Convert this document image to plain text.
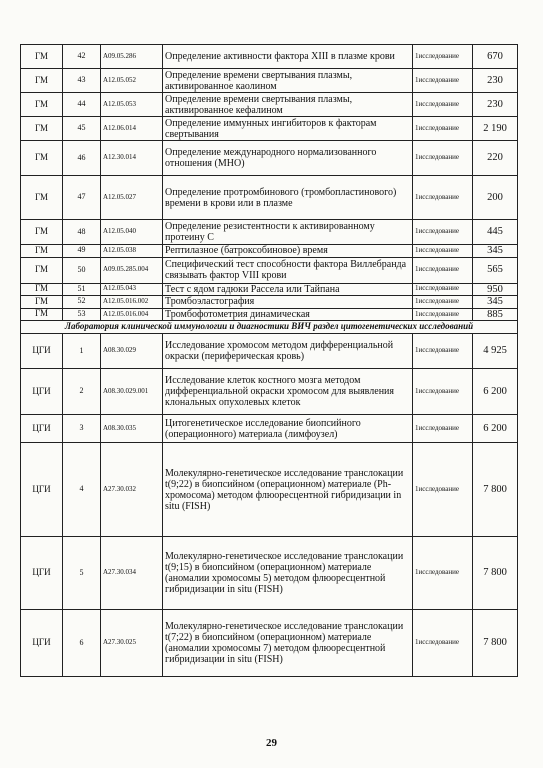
ГМ	42	A09.05.286	Определение активности фактора XIII в плазме крови	1исследование	670
ГМ	43	A12.05.052	Определение времени свертывания плазмы, активированное каолином	1исследование	230
ГМ	44	A12.05.053	Определение времени свертывания плазмы, активированное кефалином	1исследование	230
ГМ	45	A12.06.014	Определение иммунных ингибиторов к факторам свертывания	1исследование	2 190
ГМ	46	A12.30.014	Определение международного нормализованного отношения (МНО)	1исследование	220
ГМ	47	A12.05.027	Определение протромбинового (тромбопластинового) времени в крови или в плазме	1исследование	200
ГМ	48	A12.05.040	Определение резистентности к активированному протеину С	1исследование	445
ГМ	49	A12.05.038	Рептилазное (батроксобиновое) время	1исследование	345
ГМ	50	A09.05.285.004	Специфический тест способности фактора Виллебранда связывать фактор VIII крови	1исследование	565
ГМ	51	A12.05.043	Тест с ядом гадюки Рассела или Тайпана	1исследование	950
ГМ	52	A12.05.016.002	Тромбоэластография	1исследование	345
ГМ	53	A12.05.016.004	Тромбофотометрия динамическая	1исследование	885
Лаборатория клинической иммунологии и диагностики ВИЧ раздел цитогенетических исследований					
ЦГИ	1	A08.30.029	Исследование хромосом методом дифференциальной окраски (периферическая кровь)	1исследование	4 925
ЦГИ	2	A08.30.029.001	Исследование клеток костного мозга методом дифференциальной окраски хромосом для выявления клональных опухолевых клеток	1исследование	6 200
ЦГИ	3	A08.30.035	Цитогенетическое исследование биопсийного (операционного) материала (лимфоузел)	1исследование	6 200
ЦГИ	4	A27.30.032	Молекулярно-генетическое исследование транслокации t(9;22) в биопсийном (операционном) материале (Ph-хромосома) методом флюоресцентной гибридизации in situ (FISH)	1исследование	7 800
ЦГИ	5	A27.30.034	Молекулярно-генетическое исследование транслокации t(9;15) в биопсийном (операционном) материале (аномалии хромосомы 5) методом флюоресцентной гибридизации in situ (FISH)	1исследование	7 800
ЦГИ	6	A27.30.025	Молекулярно-генетическое исследование транслокации t(7;22) в биопсийном (операционном) материале (аномалии хромосомы 7) методом флюоресцентной гибридизации in situ (FISH)	1исследование	7 800
29
